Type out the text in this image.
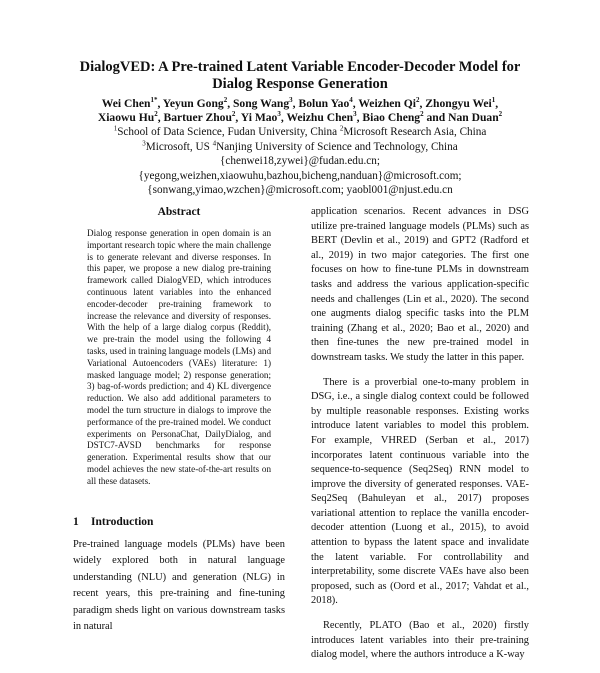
DialogVED: A Pre-trained Latent Variable Encoder-Decoder Model for
Dialog Response Generation
Wei Chen$^{1*}$, Yeyun Gong$^2$, Song Wang$^3$, Bolun Yao$^4$, Weizhen Qi$^2$, Zhongyu Wei$^1$,
Xiaowu Hu$^2$, Bartuer Zhou$^2$, Yi Mao$^3$, Weizhu Chen$^3$, Biao Cheng$^2$ and Nan Duan$^2$
$^1$School of Data Science, Fudan University, China $^2$Microsoft Research Asia, China
$^3$Microsoft, US $^4$Nanjing University of Science and Technology, China
{chenwei18,zywei}@fudan.edu.cn;
{yegong,weizhen,xiaowuhu,bazhou,bicheng,nanduan}@microsoft.com;
{sonwang,yimao,wzchen}@microsoft.com; yaobl001@njust.edu.cn
Abstract

Dialog response generation in open domain is an important research topic where the main challenge is to generate relevant and diverse responses. In this paper, we propose a new dialog pre-training framework called DialogVED, which introduces continuous latent variables into the enhanced encoder-decoder pre-training framework to increase the relevance and diversity of responses. With the help of a large dialog corpus (Reddit), we pre-train the model using the following 4 tasks, used in training language models (LMs) and Variational Autoencoders (VAEs) literature: 1) masked language model; 2) response generation; 3) bag-of-words prediction; and 4) KL divergence reduction. We also add additional parameters to model the turn structure in dialogs to improve the performance of the pre-trained model. We conduct experiments on PersonaChat, DailyDialog, and DSTC7-AVSD benchmarks for response generation. Experimental results show that our model achieves the new state-of-the-art results on all these datasets.

1 Introduction

Pre-trained language models (PLMs) have been widely explored both in natural language understanding (NLU) and generation (NLG) in recent years, this pre-training and fine-tuning paradigm sheds light on various downstream tasks in natural

application scenarios. Recent advances in DSG utilize pre-trained language models (PLMs) such as BERT (Devlin et al., 2019) and GPT2 (Radford et al., 2019) in two major categories. The first one focuses on how to fine-tune PLMs in downstream tasks and address the various application-specific needs and challenges (Lin et al., 2020). The second one augments dialog specific tasks into the PLM training (Zhang et al., 2020; Bao et al., 2020) and then fine-tunes the new pre-trained model in downstream tasks. We study the latter in this paper.

There is a proverbial one-to-many problem in DSG, i.e., a single dialog context could be followed by multiple reasonable responses. Existing works introduce latent variables to model this problem. For example, VHRED (Serban et al., 2017) incorporates latent continuous variable into the sequence-to-sequence (Seq2Seq) RNN model to improve the diversity of generated responses. VAE-Seq2Seq (Bahuleyan et al., 2017) proposes variational attention to replace the vanilla encoder-decoder attention (Luong et al., 2015), to avoid attention to bypass the latent space and invalidate the latent variable. For controllability and interpretability, some discrete VAEs have also been proposed, such as (Oord et al., 2017; Vahdat et al., 2018).

Recently, PLATO (Bao et al., 2020) firstly introduces latent variables into their pre-training dialog model, where the authors introduce a K-way
